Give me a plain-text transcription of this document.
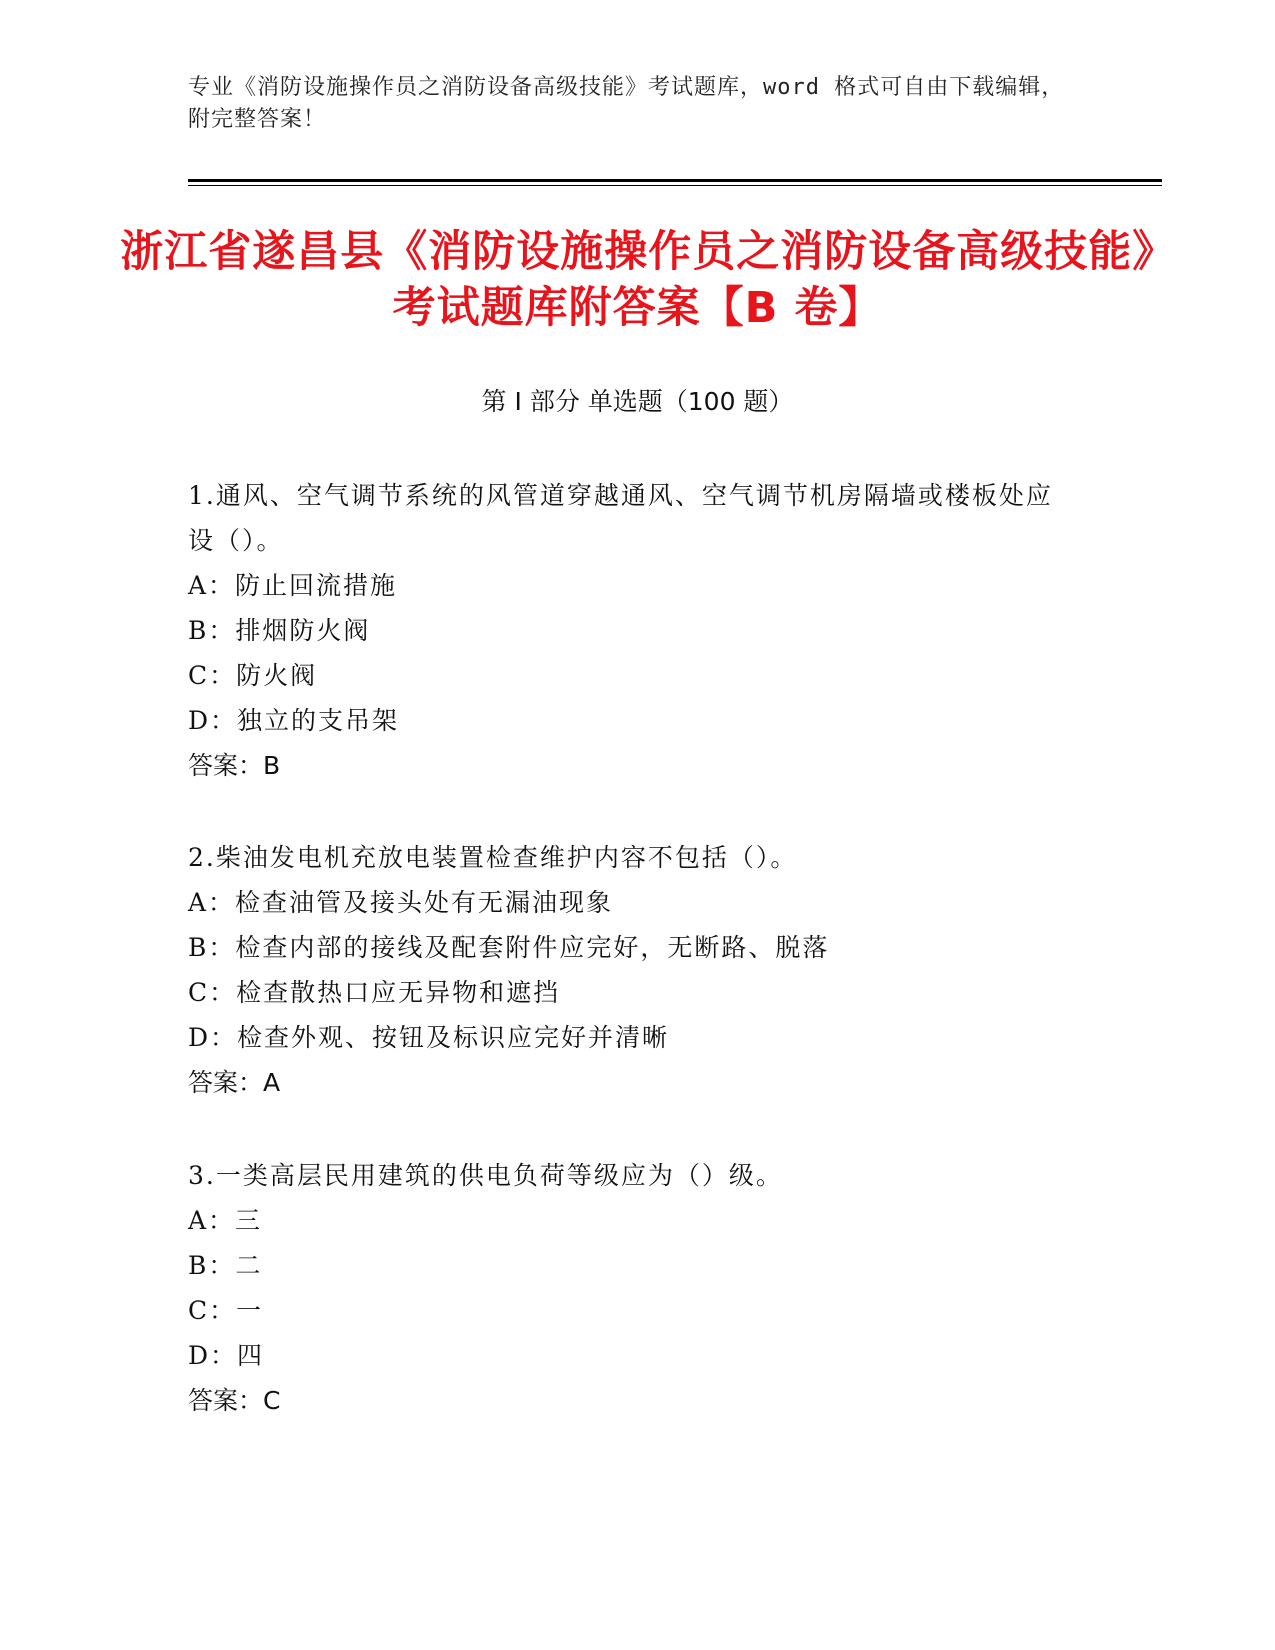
专业《消防设施操作员之消防设备高级技能》考试题库，word 格式可自由下载编辑，附完整答案！
浙江省遂昌县《消防设施操作员之消防设备高级技能》考试题库附答案【B 卷】
第 I 部分 单选题（100 题）
1.通风、空气调节系统的风管道穿越通风、空气调节机房隔墙或楼板处应设（）。
A：防止回流措施
B：排烟防火阀
C：防火阀
D：独立的支吊架
答案：B
2.柴油发电机充放电装置检查维护内容不包括（）。
A：检查油管及接头处有无漏油现象
B：检查内部的接线及配套附件应完好，无断路、脱落
C：检查散热口应无异物和遮挡
D：检查外观、按钮及标识应完好并清晰
答案：A
3.一类高层民用建筑的供电负荷等级应为（）级。
A：三
B：二
C：一
D：四
答案：C
